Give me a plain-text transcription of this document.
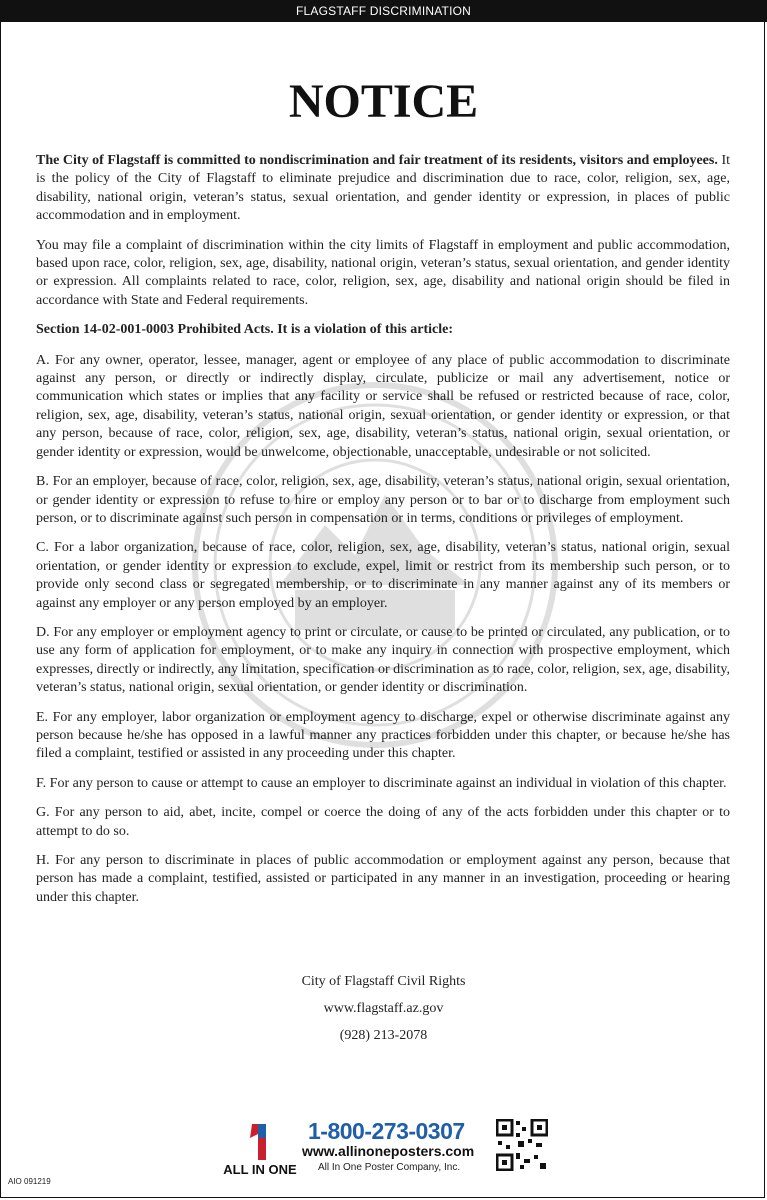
FLAGSTAFF DISCRIMINATION
NOTICE

The City of Flagstaff is committed to nondiscrimination and fair treatment of its residents, visitors and employees. It is the policy of the City of Flagstaff to eliminate prejudice and discrimination due to race, color, religion, sex, age, disability, national origin, veteran’s status, sexual orientation, and gender identity or expression, in places of public accommodation and in employment.

You may file a complaint of discrimination within the city limits of Flagstaff in employment and public accommodation, based upon race, color, religion, sex, age, disability, national origin, veteran’s status, sexual orientation, and gender identity or expression. All complaints related to race, color, religion, sex, age, disability and national origin should be filed in accordance with State and Federal requirements.

Section 14-02-001-0003 Prohibited Acts. It is a violation of this article:

A. For any owner, operator, lessee, manager, agent or employee of any place of public accommodation to discriminate against any person, or directly or indirectly display, circulate, publicize or mail any advertisement, notice or communication which states or implies that any facility or service shall be refused or restricted because of race, color, religion, sex, age, disability, veteran’s status, national origin, sexual orientation, or gender identity or expression, or that any person, because of race, color, religion, sex, age, disability, veteran’s status, national origin, sexual orientation, or gender identity or expression, would be unwelcome, objectionable, unacceptable, undesirable or not solicited.

B. For an employer, because of race, color, religion, sex, age, disability, veteran’s status, national origin, sexual orientation, or gender identity or expression to refuse to hire or employ any person or to bar or to discharge from employment such person, or to discriminate against such person in compensation or in terms, conditions or privileges of employment.

C. For a labor organization, because of race, color, religion, sex, age, disability, veteran’s status, national origin, sexual orientation, or gender identity or expression to exclude, expel, limit or restrict from its membership such person, or to provide only second class or segregated membership, or to discriminate in any manner against any of its members or against any employer or any person employed by an employer.

D. For any employer or employment agency to print or circulate, or cause to be printed or circulated, any publication, or to use any form of application for employment, or to make any inquiry in connection with prospective employment, which expresses, directly or indirectly, any limitation, specification or discrimination as to race, color, religion, sex, age, disability, veteran’s status, national origin, sexual orientation, or gender identity or discrimination.

E. For any employer, labor organization or employment agency to discharge, expel or otherwise discriminate against any person because he/she has opposed in a lawful manner any practices forbidden under this chapter, or because he/she has filed a complaint, testified or assisted in any proceeding under this chapter.

F. For any person to cause or attempt to cause an employer to discriminate against an individual in violation of this chapter.

G. For any person to aid, abet, incite, compel or coerce the doing of any of the acts forbidden under this chapter or to attempt to do so.

H. For any person to discriminate in places of public accommodation or employment against any person, because that person has made a complaint, testified, assisted or participated in any manner in an investigation, proceeding or hearing under this chapter.

City of Flagstaff Civil Rights
www.flagstaff.az.gov
(928) 213-2078
ALL IN ONE
1-800-273-0307
www.allinoneposters.com
All In One Poster Company, Inc.
AIO 091219
